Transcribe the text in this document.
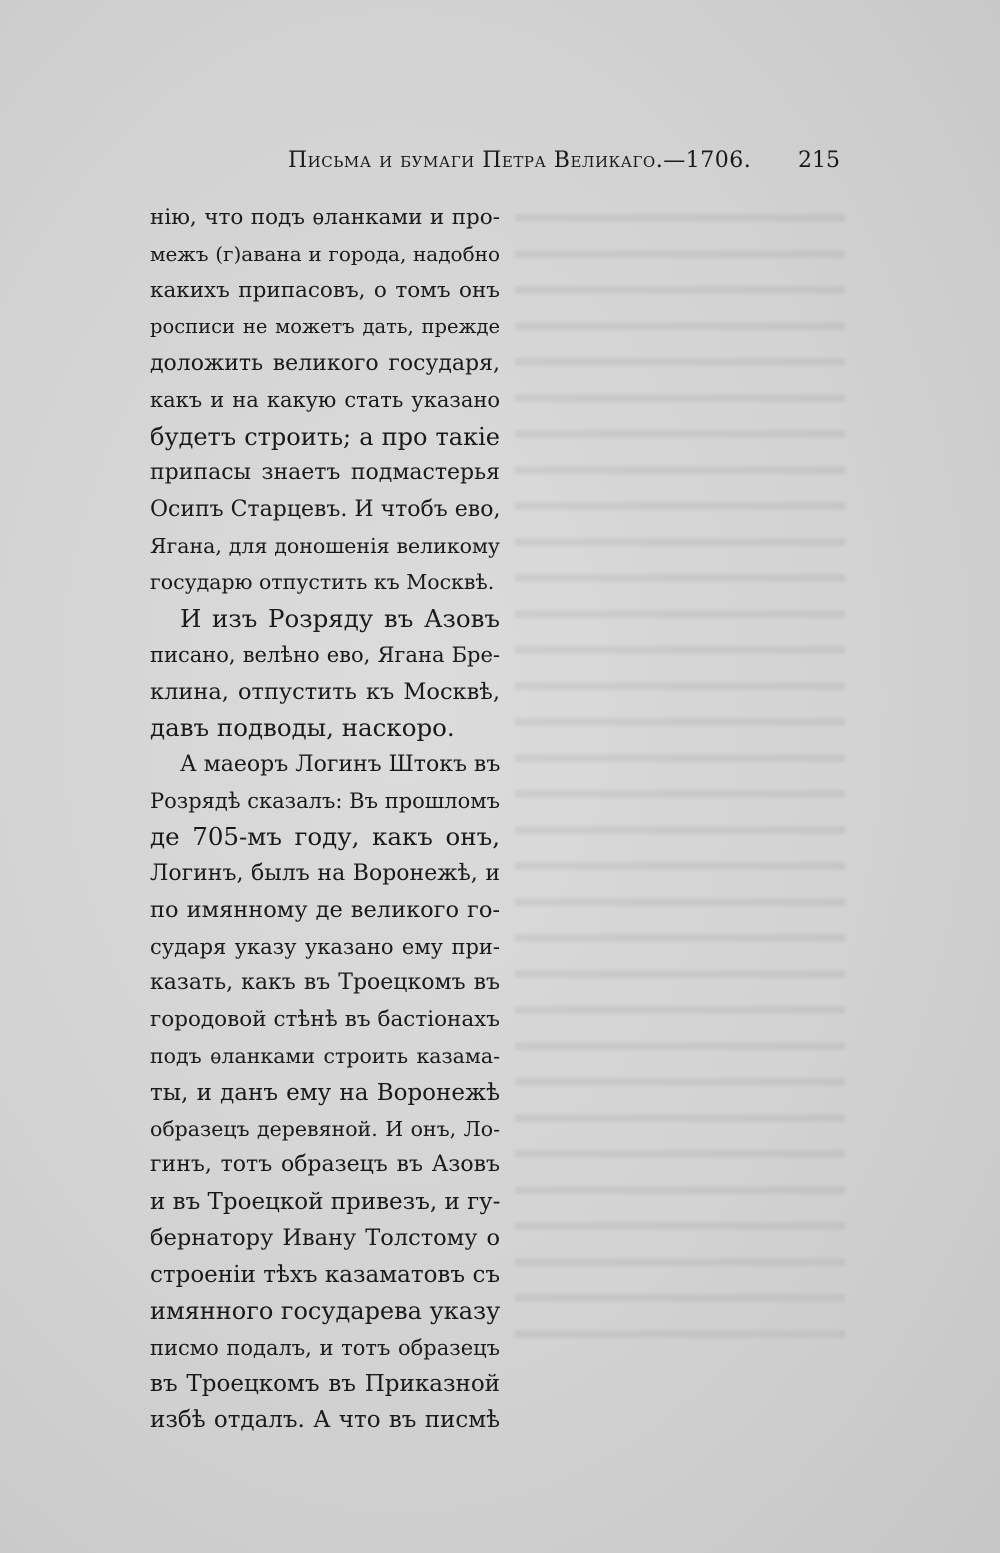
Письма и бумаги Петра Великаго.—1706. 215
нію, что подъ ѳланками и про-
межъ (г)авана и города, надобно
какихъ припасовъ, о томъ онъ
росписи не можетъ дать, прежде
доложить великого государя,
какъ и на какую стать указано
будетъ строить; а про такіе
припасы знаетъ подмастерья
Осипъ Старцевъ. И чтобъ ево,
Ягана, для доношенія великому
государю отпустить къ Москвѣ.
И изъ Розряду въ Азовъ
писано, велѣно ево, Ягана Бре-
клина, отпустить къ Москвѣ,
давъ подводы, наскоро.
А маеоръ Логинъ Штокъ въ
Розрядѣ сказалъ: Въ прошломъ
де 705-мъ году, какъ онъ,
Логинъ, былъ на Воронежѣ, и
по имянному де великого го-
сударя указу указано ему при-
казать, какъ въ Троецкомъ въ
городовой стѣнѣ въ бастіонахъ
подъ ѳланками строить казама-
ты, и данъ ему на Воронежѣ
образецъ деревяной. И онъ, Ло-
гинъ, тотъ образецъ въ Азовъ
и въ Троецкой привезъ, и гу-
бернатору Ивану Толстому о
строеніи тѣхъ казаматовъ съ
имянного государева указу
писмо подалъ, и тотъ образецъ
въ Троецкомъ въ Приказной
избѣ отдалъ. А что въ писмѣ
